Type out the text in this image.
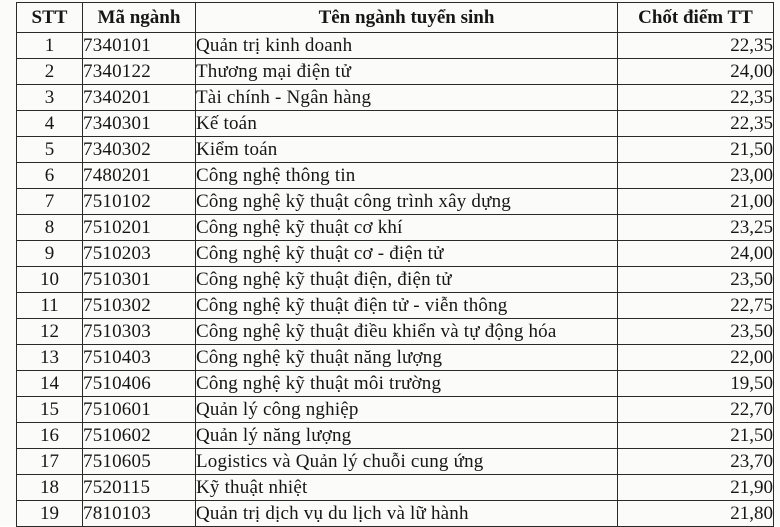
STT	Mã ngành	Tên ngành tuyển sinh	Chốt điểm TT
1	7340101	Quản trị kinh doanh	22,35
2	7340122	Thương mại điện tử	24,00
3	7340201	Tài chính - Ngân hàng	22,35
4	7340301	Kế toán	22,35
5	7340302	Kiểm toán	21,50
6	7480201	Công nghệ thông tin	23,00
7	7510102	Công nghệ kỹ thuật công trình xây dựng	21,00
8	7510201	Công nghệ kỹ thuật cơ khí	23,25
9	7510203	Công nghệ kỹ thuật cơ - điện tử	24,00
10	7510301	Công nghệ kỹ thuật điện, điện tử	23,50
11	7510302	Công nghệ kỹ thuật điện tử - viễn thông	22,75
12	7510303	Công nghệ kỹ thuật điều khiển và tự động hóa	23,50
13	7510403	Công nghệ kỹ thuật năng lượng	22,00
14	7510406	Công nghệ kỹ thuật môi trường	19,50
15	7510601	Quản lý công nghiệp	22,70
16	7510602	Quản lý năng lượng	21,50
17	7510605	Logistics và Quản lý chuỗi cung ứng	23,70
18	7520115	Kỹ thuật nhiệt	21,90
19	7810103	Quản trị dịch vụ du lịch và lữ hành	21,80
